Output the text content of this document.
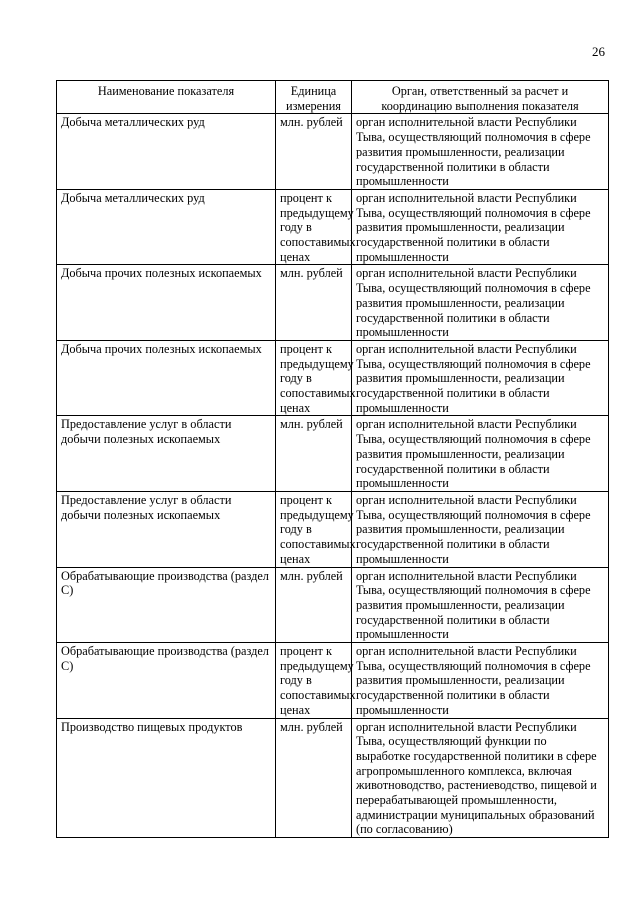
26
Наименование показателя	Единица измерения	Орган, ответственный за расчет и координацию выполнения показателя
Добыча металлических руд	млн. рублей	орган исполнительной власти Республики Тыва, осуществляющий полномочия в сфере развития промышленности, реализации государственной политики в области промышленности
Добыча металлических руд	процент к предыдущему году в сопоставимых ценах	орган исполнительной власти Республики Тыва, осуществляющий полномочия в сфере развития промышленности, реализации государственной политики в области промышленности
Добыча прочих полезных ископаемых	млн. рублей	орган исполнительной власти Республики Тыва, осуществляющий полномочия в сфере развития промышленности, реализации государственной политики в области промышленности
Добыча прочих полезных ископаемых	процент к предыдущему году в сопоставимых ценах	орган исполнительной власти Республики Тыва, осуществляющий полномочия в сфере развития промышленности, реализации государственной политики в области промышленности
Предоставление услуг в области добычи полезных ископаемых	млн. рублей	орган исполнительной власти Республики Тыва, осуществляющий полномочия в сфере развития промышленности, реализации государственной политики в области промышленности
Предоставление услуг в области добычи полезных ископаемых	процент к предыдущему году в сопоставимых ценах	орган исполнительной власти Республики Тыва, осуществляющий полномочия в сфере развития промышленности, реализации государственной политики в области промышленности
Обрабатывающие производства (раздел С)	млн. рублей	орган исполнительной власти Республики Тыва, осуществляющий полномочия в сфере развития промышленности, реализации государственной политики в области промышленности
Обрабатывающие производства (раздел С)	процент к предыдущему году в сопоставимых ценах	орган исполнительной власти Республики Тыва, осуществляющий полномочия в сфере развития промышленности, реализации государственной политики в области промышленности
Производство пищевых продуктов	млн. рублей	орган исполнительной власти Республики Тыва, осуществляющий функции по выработке государственной политики в сфере агропромышленного комплекса, включая животноводство, растениеводство, пищевой и перерабатывающей промышленности, администрации муниципальных образований (по согласованию)
